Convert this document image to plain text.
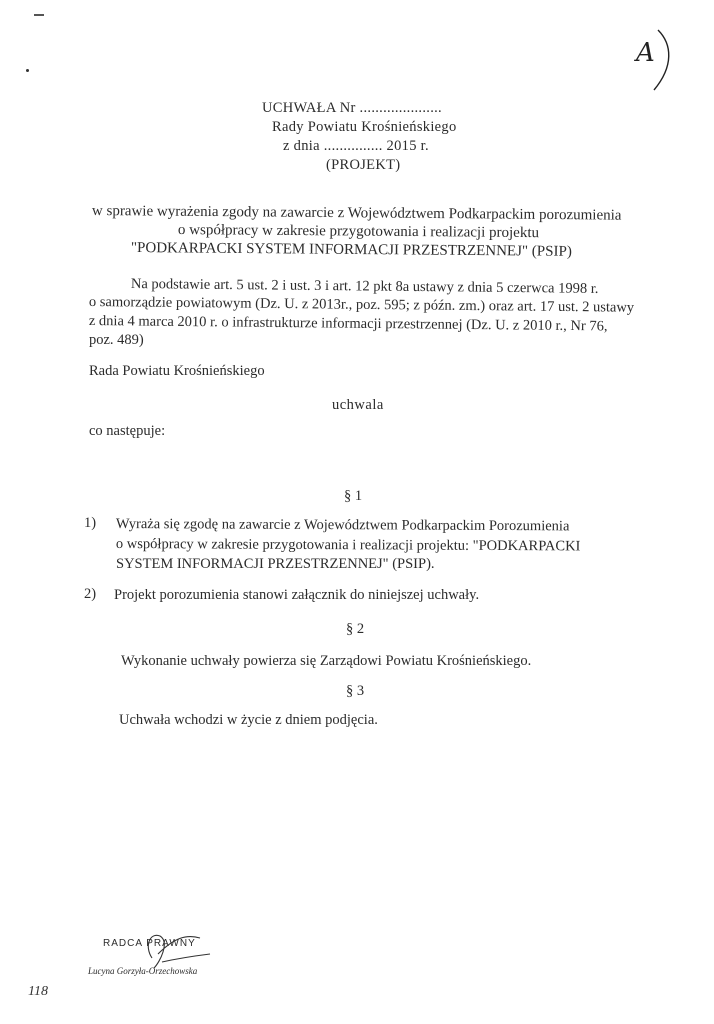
A
UCHWAŁA Nr .....................
Rady Powiatu Krośnieńskiego
z dnia ............... 2015 r.
(PROJEKT)
w sprawie wyrażenia zgody na zawarcie z Województwem Podkarpackim porozumienia
o współpracy w zakresie przygotowania i realizacji projektu
"PODKARPACKI SYSTEM INFORMACJI PRZESTRZENNEJ" (PSIP)
Na podstawie art. 5 ust. 2 i ust. 3 i art. 12 pkt 8a ustawy z dnia 5 czerwca 1998 r.
o samorządzie powiatowym (Dz. U. z 2013r., poz. 595; z późn. zm.) oraz art. 17 ust. 2 ustawy
z dnia 4 marca 2010 r. o infrastrukturze informacji przestrzennej (Dz. U. z 2010 r., Nr 76,
poz. 489)
Rada Powiatu Krośnieńskiego
uchwala
co następuje:
§ 1
1) Wyraża się zgodę na zawarcie z Województwem Podkarpackim Porozumienia
o współpracy w zakresie przygotowania i realizacji projektu: "PODKARPACKI
SYSTEM INFORMACJI PRZESTRZENNEJ" (PSIP).
2) Projekt porozumienia stanowi załącznik do niniejszej uchwały.
§ 2
Wykonanie uchwały powierza się Zarządowi Powiatu Krośnieńskiego.
§ 3
Uchwała wchodzi w życie z dniem podjęcia.
RADCA PRAWNY
Lucyna Gorzyła-Orzechowska
118
